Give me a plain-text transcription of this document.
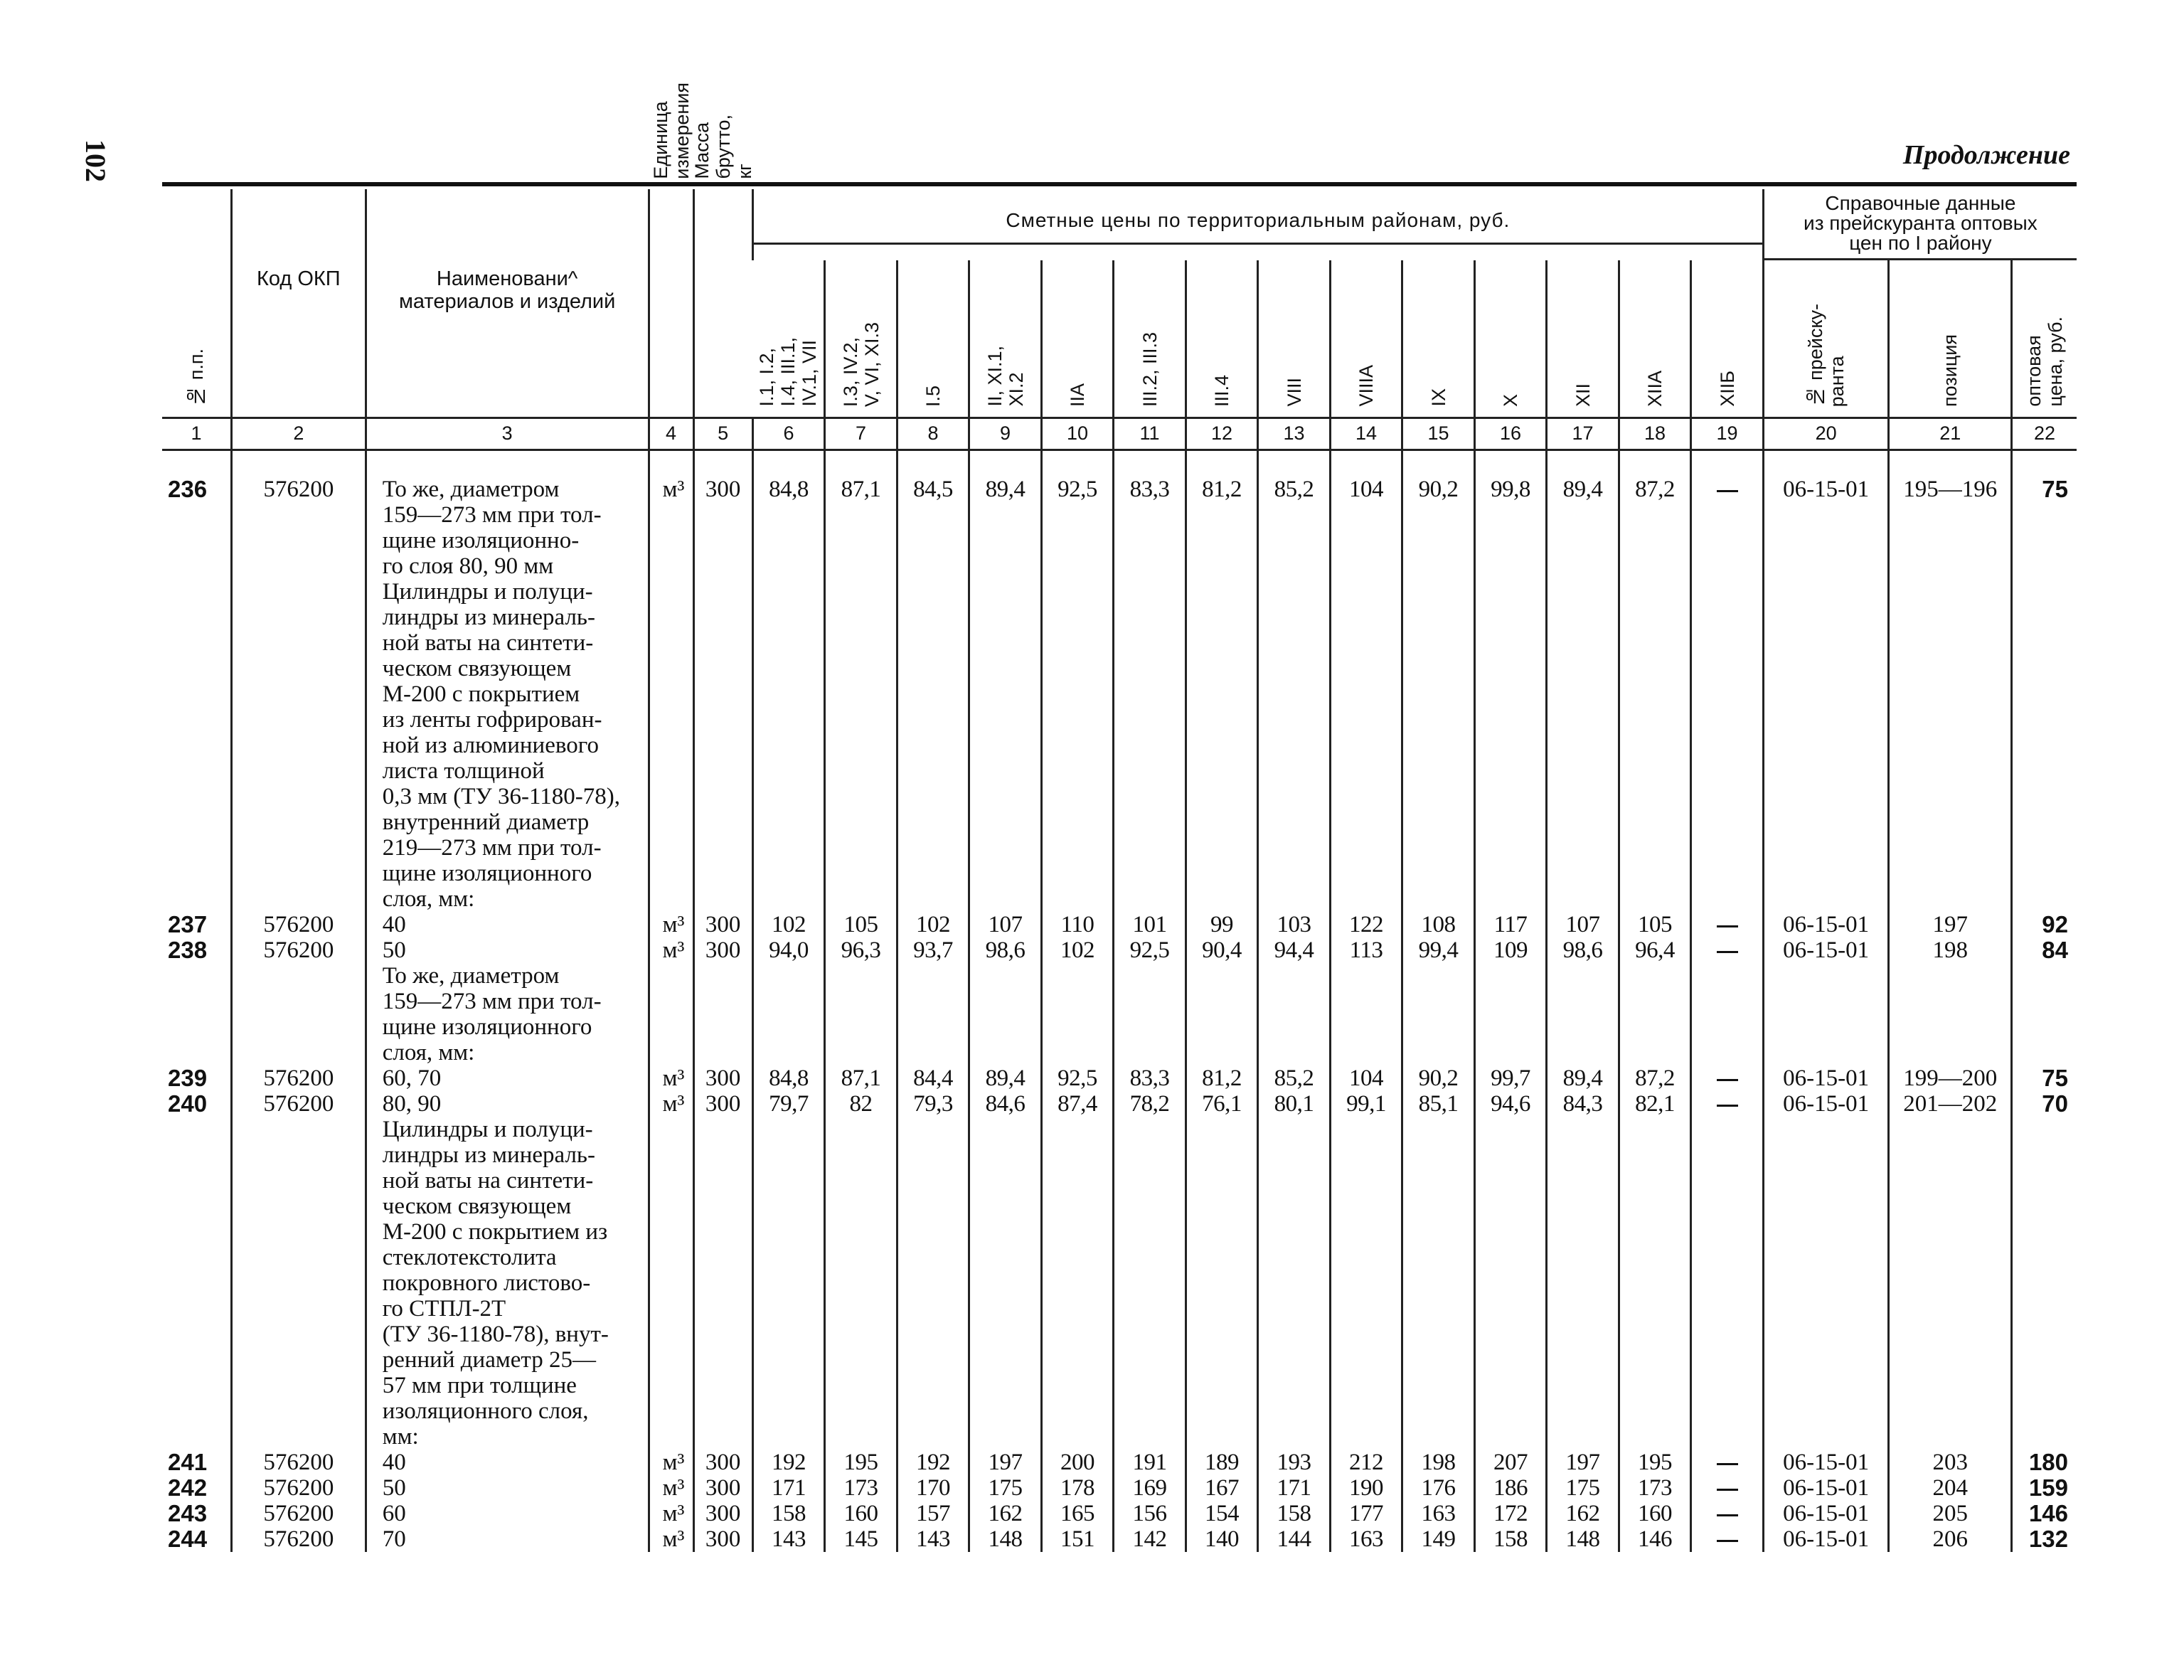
102	Продолжение
№ п.п.	Код ОКП	Наименовани^
материалов и изделий	Единица измерения	Масса брутто, кг	Сметные цены по территориальным районам, руб.														Справочные данные
из прейскуранта оптовых
цен по I району		

					I.1, I.2,
I.4, III.1,
IV.1, VII	I.3, IV.2,
V, VI, XI.3	I.5	II, XI.1,
XI.2	IIА	III.2, III.3	III.4	VIII	VIIIА	IX	X	XII	XIIА	XIIБ	№ прейску-
ранта	позиция	оптовая
цена, руб.

1	2	3	4	5	6	7	8	9	10	11	12	13	14	15	16	17	18	19	20	21	22

236	576200	То же, диаметром	м³	300	84,8	87,1	84,5	89,4	92,5	83,3	81,2	85,2	104	90,2	99,8	89,4	87,2		06-15-01	195—196	75
		159—273 мм при тол-																			
		щине изоляционно-																			
		го слоя 80, 90 мм																			
		Цилиндры и полуци-																			
		линдры из минераль-																			
		ной ваты на синтети-																			
		ческом связующем																			
		М-200 с покрытием																			
		из ленты гофрирован-																			
		ной из алюминиевого																			
		листа толщиной																			
		0,3 мм (ТУ 36-1180-78),																			
		внутренний диаметр																			
		219—273 мм при тол-																			
		щине изоляционного																			
		слоя, мм:																			
237	576200	40	м³	300	102	105	102	107	110	101	99	103	122	108	117	107	105		06-15-01	197	92
238	576200	50	м³	300	94,0	96,3	93,7	98,6	102	92,5	90,4	94,4	113	99,4	109	98,6	96,4		06-15-01	198	84
		То же, диаметром																			
		159—273 мм при тол-																			
		щине изоляционного																			
		слоя, мм:																			
239	576200	60, 70	м³	300	84,8	87,1	84,4	89,4	92,5	83,3	81,2	85,2	104	90,2	99,7	89,4	87,2		06-15-01	199—200	75
240	576200	80, 90	м³	300	79,7	82	79,3	84,6	87,4	78,2	76,1	80,1	99,1	85,1	94,6	84,3	82,1		06-15-01	201—202	70
		Цилиндры и полуци-																			
		линдры из минераль-																			
		ной ваты на синтети-																			
		ческом связующем																			
		М-200 с покрытием из																			
		стеклотекстолита																			
		покровного листово-																			
		го СТПЛ-2Т																			
		(ТУ 36-1180-78), внут-																			
		ренний диаметр 25—																			
		57 мм при толщине																			
		изоляционного слоя,																			
		мм:																			
241	576200	40	м³	300	192	195	192	197	200	191	189	193	212	198	207	197	195		06-15-01	203	180
242	576200	50	м³	300	171	173	170	175	178	169	167	171	190	176	186	175	173		06-15-01	204	159
243	576200	60	м³	300	158	160	157	162	165	156	154	158	177	163	172	162	160		06-15-01	205	146
244	576200	70	м³	300	143	145	143	148	151	142	140	144	163	149	158	148	146		06-15-01	206	132
